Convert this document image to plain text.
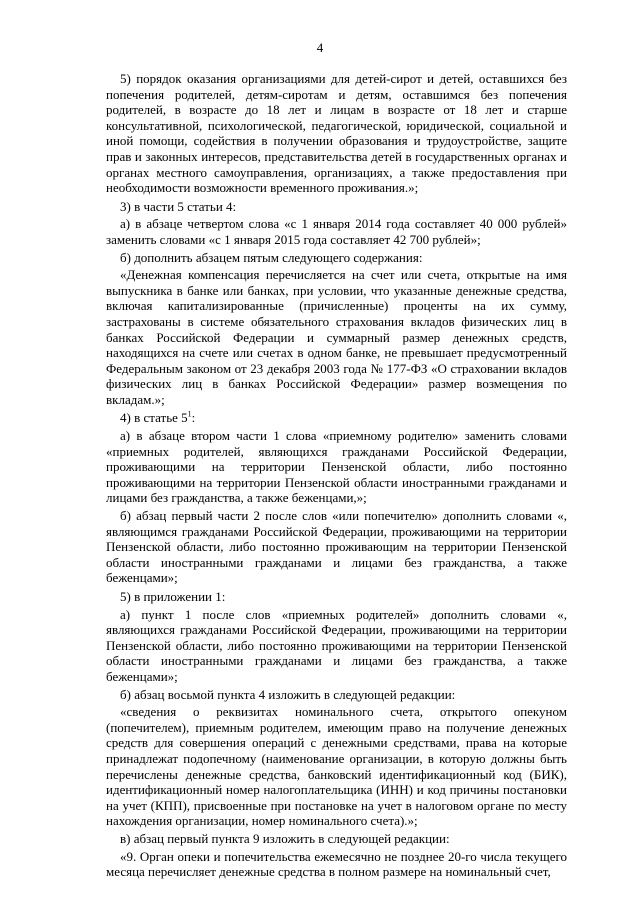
4

5) порядок оказания организациями для детей-сирот и детей, оставшихся без попечения родителей, детям-сиротам и детям, оставшимся без попечения родителей, в возрасте до 18 лет и лицам в возрасте от 18 лет и старше консультативной, психологической, педагогической, юридической, социальной и иной помощи, содействия в получении образования и трудоустройстве, защите прав и законных интересов, представительства детей в государственных органах и органах местного самоуправления, организациях, а также предоставления при необходимости возможности временного проживания.»;

3) в части 5 статьи 4:

а) в абзаце четвертом слова «с 1 января 2014 года составляет 40 000 рублей» заменить словами «с 1 января 2015 года составляет 42 700 рублей»;

б) дополнить абзацем пятым следующего содержания:

«Денежная компенсация перечисляется на счет или счета, открытые на имя выпускника в банке или банках, при условии, что указанные денежные средства, включая капитализированные (причисленные) проценты на их сумму, застрахованы в системе обязательного страхования вкладов физических лиц в банках Российской Федерации и суммарный размер денежных средств, находящихся на счете или счетах в одном банке, не превышает предусмотренный Федеральным законом от 23 декабря 2003 года № 177-ФЗ «О страховании вкладов физических лиц в банках Российской Федерации» размер возмещения по вкладам.»;

4) в статье $5^1$:

а) в абзаце втором части 1 слова «приемному родителю» заменить словами «приемных родителей, являющихся гражданами Российской Федерации, проживающими на территории Пензенской области, либо постоянно проживающими на территории Пензенской области иностранными гражданами и лицами без гражданства, а также беженцами,»;

б) абзац первый части 2 после слов «или попечителю» дополнить словами «, являющимся гражданами Российской Федерации, проживающими на территории Пензенской области, либо постоянно проживающим на территории Пензенской области иностранными гражданами и лицами без гражданства, а также беженцами»;

5) в приложении 1:

а) пункт 1 после слов «приемных родителей» дополнить словами «, являющихся гражданами Российской Федерации, проживающими на территории Пензенской области, либо постоянно проживающими на территории Пензенской области иностранными гражданами и лицами без гражданства, а также беженцами»;

б) абзац восьмой пункта 4 изложить в следующей редакции:

«сведения о реквизитах номинального счета, открытого опекуном (попечителем), приемным родителем, имеющим право на получение денежных средств для совершения операций с денежными средствами, права на которые принадлежат подопечному (наименование организации, в которую должны быть перечислены денежные средства, банковский идентификационный код (БИК), идентификационный номер налогоплательщика (ИНН) и код причины постановки на учет (КПП), присвоенные при постановке на учет в налоговом органе по месту нахождения организации, номер номинального счета).»;

в) абзац первый пункта 9 изложить в следующей редакции:

«9. Орган опеки и попечительства ежемесячно не позднее 20-го числа текущего месяца перечисляет денежные средства в полном размере на номинальный счет,
